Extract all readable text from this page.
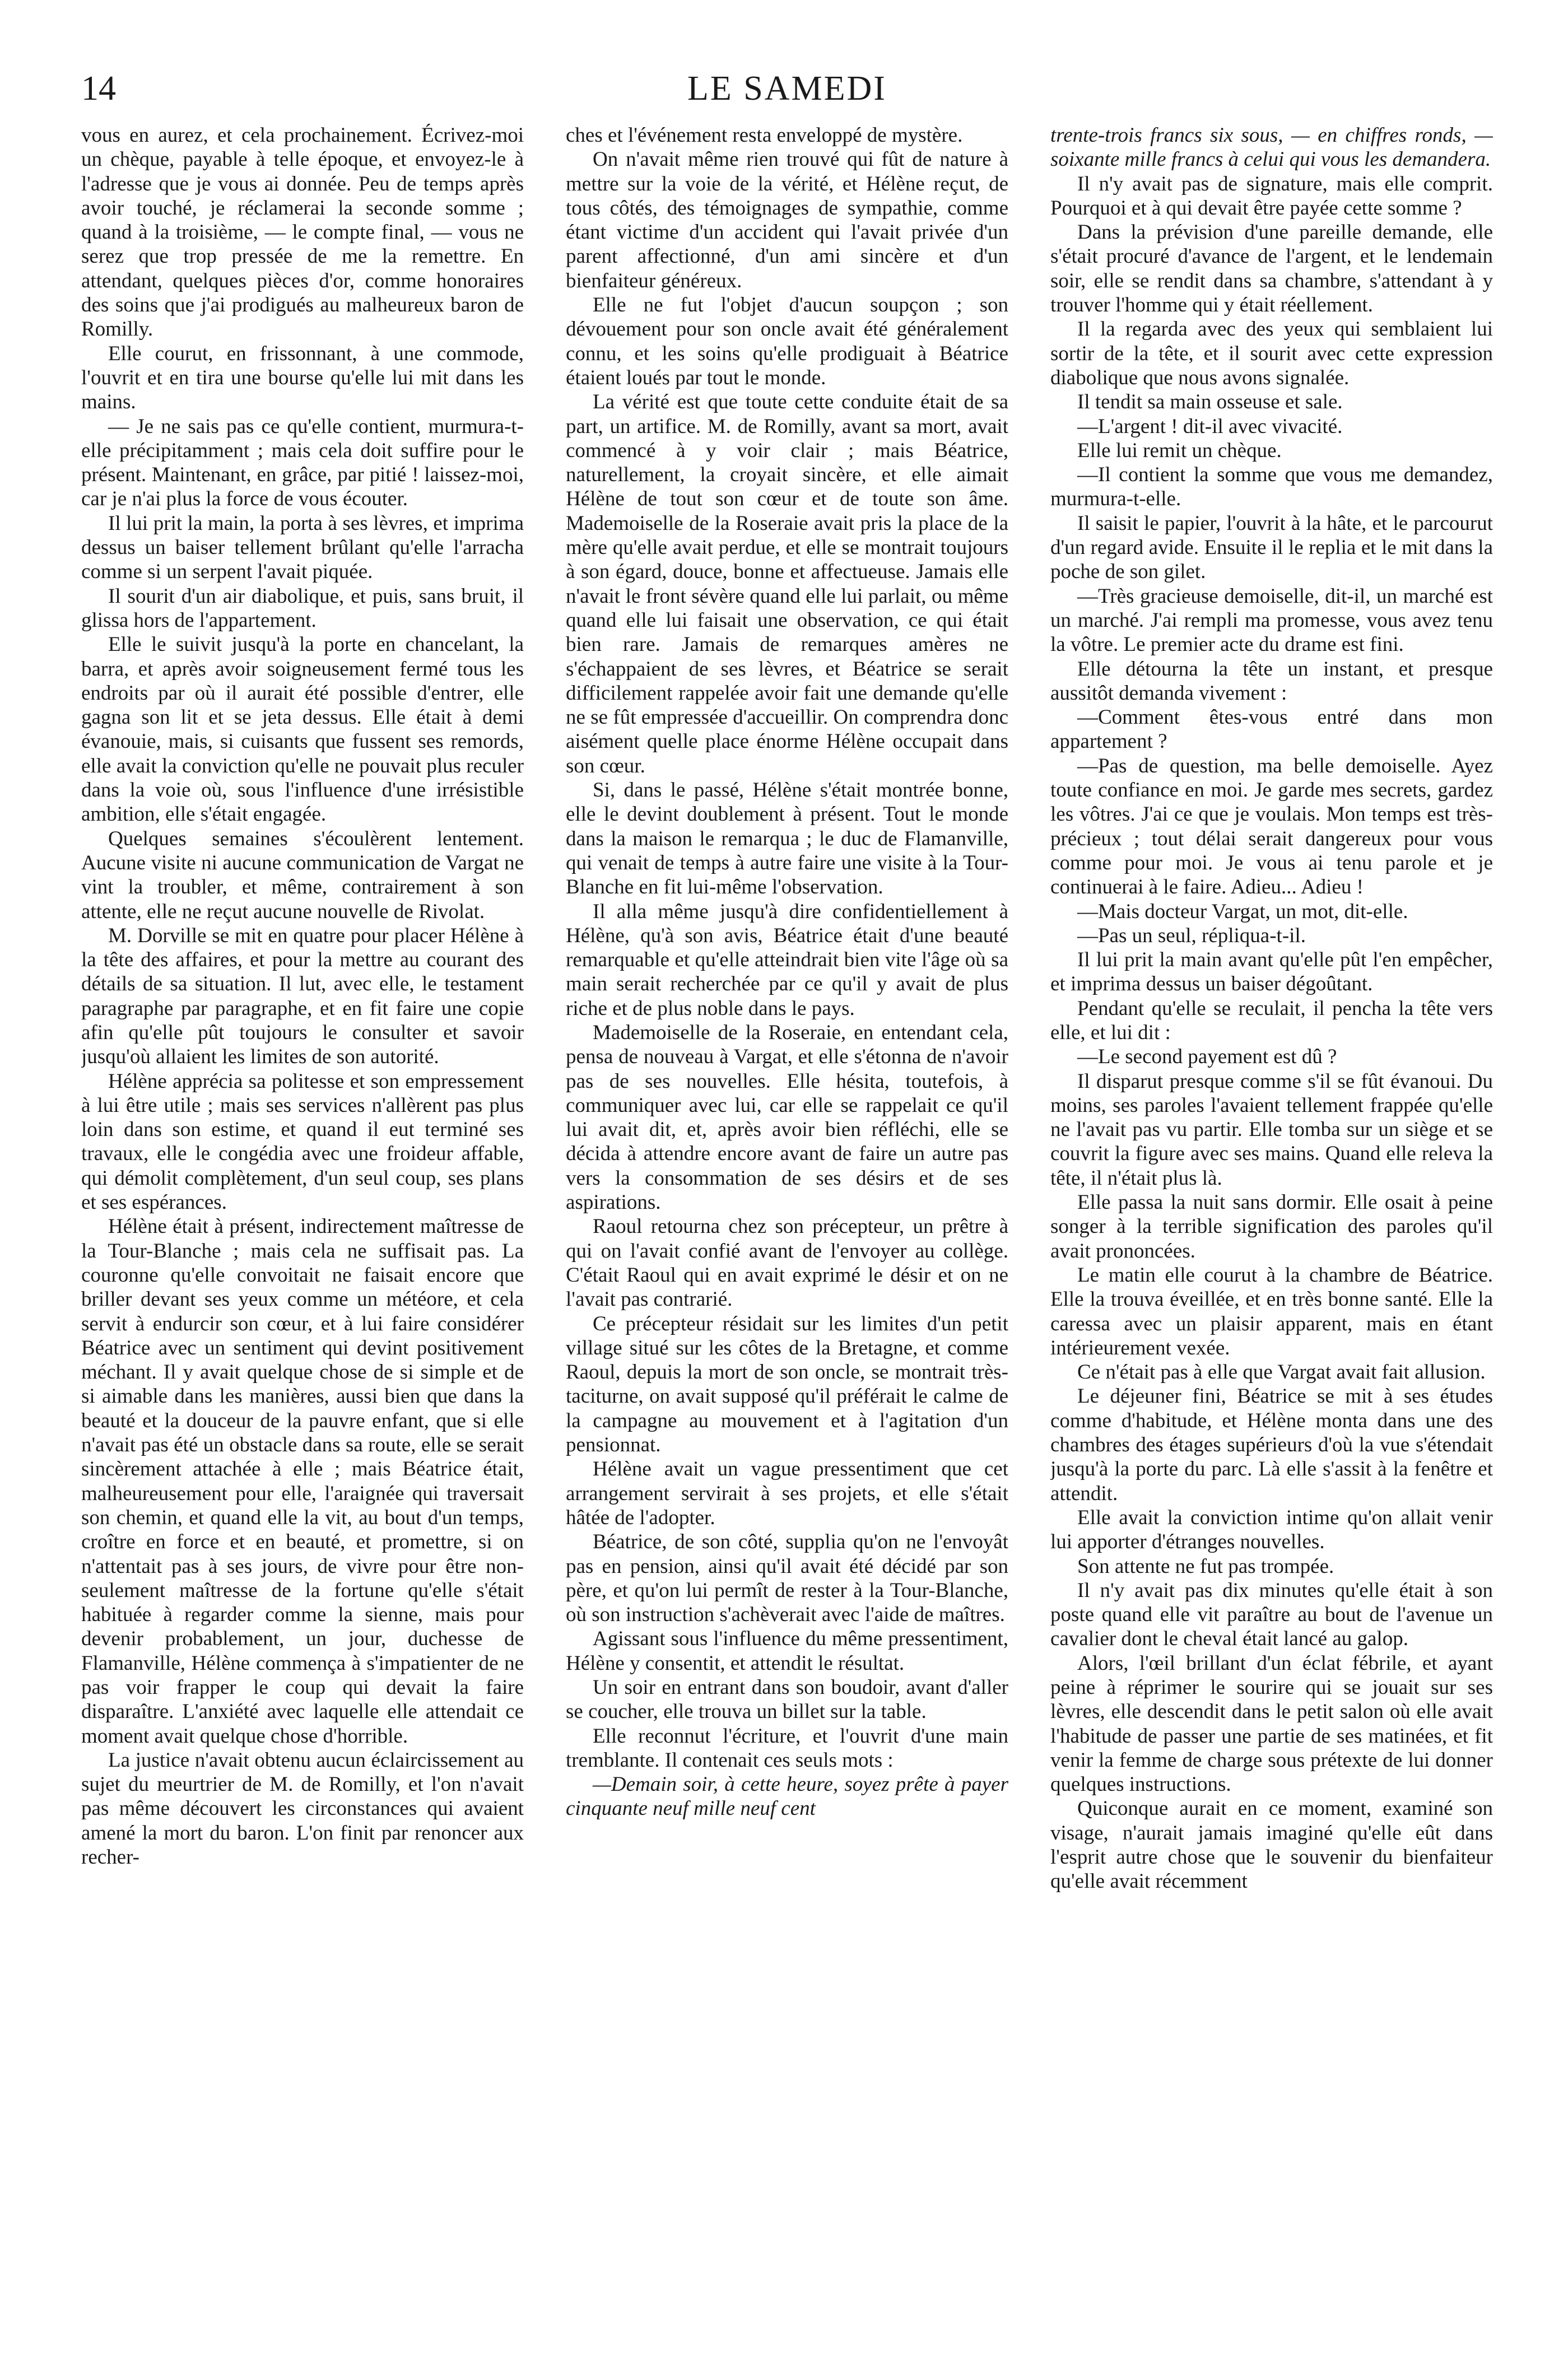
14	LE SAMEDI

vous en aurez, et cela prochainement. Écrivez-moi un chèque, payable à telle époque, et envoyez-le à l'adresse que je vous ai donnée. Peu de temps après avoir touché, je réclamerai la seconde somme ; quand à la troisième, — le compte final, — vous ne serez que trop pressée de me la remettre. En attendant, quelques pièces d'or, comme honoraires des soins que j'ai prodigués au malheureux baron de Romilly.

Elle courut, en frissonnant, à une commode, l'ouvrit et en tira une bourse qu'elle lui mit dans les mains.

— Je ne sais pas ce qu'elle contient, murmura-t-elle précipitamment ; mais cela doit suffire pour le présent. Maintenant, en grâce, par pitié ! laissez-moi, car je n'ai plus la force de vous écouter.

Il lui prit la main, la porta à ses lèvres, et imprima dessus un baiser tellement brûlant qu'elle l'arracha comme si un serpent l'avait piquée.

Il sourit d'un air diabolique, et puis, sans bruit, il glissa hors de l'appartement.

Elle le suivit jusqu'à la porte en chancelant, la barra, et après avoir soigneusement fermé tous les endroits par où il aurait été possible d'entrer, elle gagna son lit et se jeta dessus. Elle était à demi évanouie, mais, si cuisants que fussent ses remords, elle avait la conviction qu'elle ne pouvait plus reculer dans la voie où, sous l'influence d'une irrésistible ambition, elle s'était engagée.

Quelques semaines s'écoulèrent lentement. Aucune visite ni aucune communication de Vargat ne vint la troubler, et même, contrairement à son attente, elle ne reçut aucune nouvelle de Rivolat.

M. Dorville se mit en quatre pour placer Hélène à la tête des affaires, et pour la mettre au courant des détails de sa situation. Il lut, avec elle, le testament paragraphe par paragraphe, et en fit faire une copie afin qu'elle pût toujours le consulter et savoir jusqu'où allaient les limites de son autorité.

Hélène apprécia sa politesse et son empressement à lui être utile ; mais ses services n'allèrent pas plus loin dans son estime, et quand il eut terminé ses travaux, elle le congédia avec une froideur affable, qui démolit complètement, d'un seul coup, ses plans et ses espérances.

Hélène était à présent, indirectement maîtresse de la Tour-Blanche ; mais cela ne suffisait pas. La couronne qu'elle convoitait ne faisait encore que briller devant ses yeux comme un météore, et cela servit à endurcir son cœur, et à lui faire considérer Béatrice avec un sentiment qui devint positivement méchant. Il y avait quelque chose de si simple et de si aimable dans les manières, aussi bien que dans la beauté et la douceur de la pauvre enfant, que si elle n'avait pas été un obstacle dans sa route, elle se serait sincèrement attachée à elle ; mais Béatrice était, malheureusement pour elle, l'araignée qui traversait son chemin, et quand elle la vit, au bout d'un temps, croître en force et en beauté, et promettre, si on n'attentait pas à ses jours, de vivre pour être non-seulement maîtresse de la fortune qu'elle s'était habituée à regarder comme la sienne, mais pour devenir probablement, un jour, duchesse de Flamanville, Hélène commença à s'impatienter de ne pas voir frapper le coup qui devait la faire disparaître. L'anxiété avec laquelle elle attendait ce moment avait quelque chose d'horrible.

La justice n'avait obtenu aucun éclaircissement au sujet du meurtrier de M. de Romilly, et l'on n'avait pas même découvert les circonstances qui avaient amené la mort du baron. L'on finit par renoncer aux recher-

ches et l'événement resta enveloppé de mystère.

On n'avait même rien trouvé qui fût de nature à mettre sur la voie de la vérité, et Hélène reçut, de tous côtés, des témoignages de sympathie, comme étant victime d'un accident qui l'avait privée d'un parent affectionné, d'un ami sincère et d'un bienfaiteur généreux.

Elle ne fut l'objet d'aucun soupçon ; son dévouement pour son oncle avait été généralement connu, et les soins qu'elle prodiguait à Béatrice étaient loués par tout le monde.

La vérité est que toute cette conduite était de sa part, un artifice. M. de Romilly, avant sa mort, avait commencé à y voir clair ; mais Béatrice, naturellement, la croyait sincère, et elle aimait Hélène de tout son cœur et de toute son âme. Mademoiselle de la Roseraie avait pris la place de la mère qu'elle avait perdue, et elle se montrait toujours à son égard, douce, bonne et affectueuse. Jamais elle n'avait le front sévère quand elle lui parlait, ou même quand elle lui faisait une observation, ce qui était bien rare. Jamais de remarques amères ne s'échappaient de ses lèvres, et Béatrice se serait difficilement rappelée avoir fait une demande qu'elle ne se fût empressée d'accueillir. On comprendra donc aisément quelle place énorme Hélène occupait dans son cœur.

Si, dans le passé, Hélène s'était montrée bonne, elle le devint doublement à présent. Tout le monde dans la maison le remarqua ; le duc de Flamanville, qui venait de temps à autre faire une visite à la Tour-Blanche en fit lui-même l'observation.

Il alla même jusqu'à dire confidentiellement à Hélène, qu'à son avis, Béatrice était d'une beauté remarquable et qu'elle atteindrait bien vite l'âge où sa main serait recherchée par ce qu'il y avait de plus riche et de plus noble dans le pays.

Mademoiselle de la Roseraie, en entendant cela, pensa de nouveau à Vargat, et elle s'étonna de n'avoir pas de ses nouvelles. Elle hésita, toutefois, à communiquer avec lui, car elle se rappelait ce qu'il lui avait dit, et, après avoir bien réfléchi, elle se décida à attendre encore avant de faire un autre pas vers la consommation de ses désirs et de ses aspirations.

Raoul retourna chez son précepteur, un prêtre à qui on l'avait confié avant de l'envoyer au collège. C'était Raoul qui en avait exprimé le désir et on ne l'avait pas contrarié.

Ce précepteur résidait sur les limites d'un petit village situé sur les côtes de la Bretagne, et comme Raoul, depuis la mort de son oncle, se montrait très-taciturne, on avait supposé qu'il préférait le calme de la campagne au mouvement et à l'agitation d'un pensionnat.

Hélène avait un vague pressentiment que cet arrangement servirait à ses projets, et elle s'était hâtée de l'adopter.

Béatrice, de son côté, supplia qu'on ne l'envoyât pas en pension, ainsi qu'il avait été décidé par son père, et qu'on lui permît de rester à la Tour-Blanche, où son instruction s'achèverait avec l'aide de maîtres.

Agissant sous l'influence du même pressentiment, Hélène y consentit, et attendit le résultat.

Un soir en entrant dans son boudoir, avant d'aller se coucher, elle trouva un billet sur la table.

Elle reconnut l'écriture, et l'ouvrit d'une main tremblante. Il contenait ces seuls mots :

—Demain soir, à cette heure, soyez prête à payer cinquante neuf mille neuf cent

trente-trois francs six sous, — en chiffres ronds, — soixante mille francs à celui qui vous les demandera.

Il n'y avait pas de signature, mais elle comprit. Pourquoi et à qui devait être payée cette somme ?

Dans la prévision d'une pareille demande, elle s'était procuré d'avance de l'argent, et le lendemain soir, elle se rendit dans sa chambre, s'attendant à y trouver l'homme qui y était réellement.

Il la regarda avec des yeux qui semblaient lui sortir de la tête, et il sourit avec cette expression diabolique que nous avons signalée.

Il tendit sa main osseuse et sale.

—L'argent ! dit-il avec vivacité.

Elle lui remit un chèque.

—Il contient la somme que vous me demandez, murmura-t-elle.

Il saisit le papier, l'ouvrit à la hâte, et le parcourut d'un regard avide. Ensuite il le replia et le mit dans la poche de son gilet.

—Très gracieuse demoiselle, dit-il, un marché est un marché. J'ai rempli ma promesse, vous avez tenu la vôtre. Le premier acte du drame est fini.

Elle détourna la tête un instant, et presque aussitôt demanda vivement :

—Comment êtes-vous entré dans mon appartement ?

—Pas de question, ma belle demoiselle. Ayez toute confiance en moi. Je garde mes secrets, gardez les vôtres. J'ai ce que je voulais. Mon temps est très-précieux ; tout délai serait dangereux pour vous comme pour moi. Je vous ai tenu parole et je continuerai à le faire. Adieu... Adieu !

—Mais docteur Vargat, un mot, dit-elle.

—Pas un seul, répliqua-t-il.

Il lui prit la main avant qu'elle pût l'en empêcher, et imprima dessus un baiser dégoûtant.

Pendant qu'elle se reculait, il pencha la tête vers elle, et lui dit :

—Le second payement est dû ?

Il disparut presque comme s'il se fût évanoui. Du moins, ses paroles l'avaient tellement frappée qu'elle ne l'avait pas vu partir. Elle tomba sur un siège et se couvrit la figure avec ses mains. Quand elle releva la tête, il n'était plus là.

Elle passa la nuit sans dormir. Elle osait à peine songer à la terrible signification des paroles qu'il avait prononcées.

Le matin elle courut à la chambre de Béatrice. Elle la trouva éveillée, et en très bonne santé. Elle la caressa avec un plaisir apparent, mais en étant intérieurement vexée.

Ce n'était pas à elle que Vargat avait fait allusion.

Le déjeuner fini, Béatrice se mit à ses études comme d'habitude, et Hélène monta dans une des chambres des étages supérieurs d'où la vue s'étendait jusqu'à la porte du parc. Là elle s'assit à la fenêtre et attendit.

Elle avait la conviction intime qu'on allait venir lui apporter d'étranges nouvelles.

Son attente ne fut pas trompée.

Il n'y avait pas dix minutes qu'elle était à son poste quand elle vit paraître au bout de l'avenue un cavalier dont le cheval était lancé au galop.

Alors, l'œil brillant d'un éclat fébrile, et ayant peine à réprimer le sourire qui se jouait sur ses lèvres, elle descendit dans le petit salon où elle avait l'habitude de passer une partie de ses matinées, et fit venir la femme de charge sous prétexte de lui donner quelques instructions.

Quiconque aurait en ce moment, examiné son visage, n'aurait jamais imaginé qu'elle eût dans l'esprit autre chose que le souvenir du bienfaiteur qu'elle avait récemment
